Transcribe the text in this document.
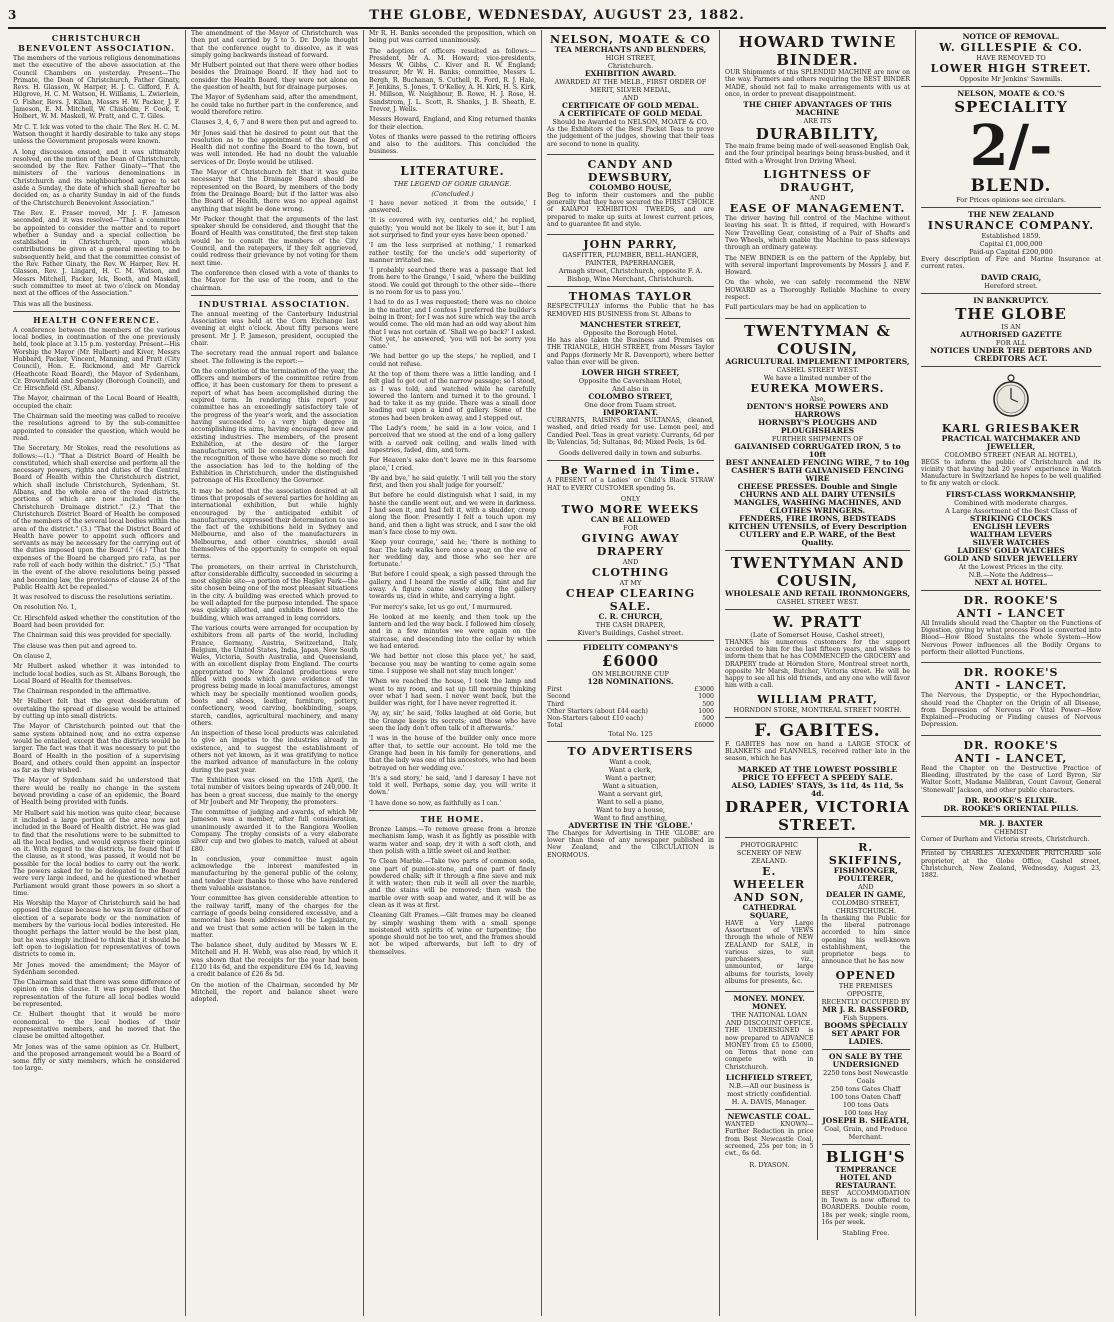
3	THE GLOBE, WEDNESDAY, AUGUST 23, 1882.
CHRISTCHURCH BENEVOLENT ASSOCIATION.

The members of the various religious denominations met the executive of the above association at the Council Chambers on yesterday. Present—The Primate, the Dean of Christchurch, Father Ginaty, Revs. H. Glasson, W. Harper, H. J. C. Gifford, F. A. Hilgrove, H. C. M. Watson, H. Williams, L. Zwierlein, O. Fisher, Revs. J. Kilian, Messrs H. W. Packer, J. F. Jameson, E. M. Mitchell, W. Chisholm, F. Cook, T. Holbert, W. M. Maskell, W. Pratt, and C. T. Giles.

Mr C. T. Ick was voted to the chair. The Rev. H. C. M. Watson thought it hardly desirable to take any steps unless the Government proposals were known.

A long discussion ensued, and it was ultimately resolved, on the motion of the Dean of Christchurch, seconded by the Rev. Father Ginaty—"That the ministers of the various denominations in Christchurch and its neighbourhood agree to set aside a Sunday, the date of which shall hereafter be decided on, as a charity Sunday in aid of the funds of the Christchurch Benevolent Association."

The Rev. E. Fraser moved, Mr J. F. Jameson seconded, and it was resolved—"That a committee be appointed to consider the matter and to report whether a Sunday and a special collection be established in Christchurch, upon which contributions be given at a general meeting to be subsequently held, and that the committee consist of the Rev. Father Ginaty, the Rev. W. Harper, Rev. H. Glasson, Rev. J. Lingard, H. C. M. Watson, and Messrs Mitchell, Packer, Ick, Booth, and Maskell, such committee to meet at two o'clock on Monday next at the offices of the Association."

This was all the business.

HEALTH CONFERENCE.

A conference between the members of the various local bodies, in continuation of the one previously held, took place at 3.15 p.m. yesterday. Present—His Worship the Mayor (Mr. Hulbert) and Kiver, Messrs Hubbard, Packer, Vincent, Manning, and Pratt (City Council), Hon. E. Rickmond, and Mr Garrick (Heathcote Road Board), the Mayor of Sydenham, Cr. Brownfield and Spensley (Borough Council), and Cr. Hirschfield (St. Albans).

The Mayor, chairman of the Local Board of Health, occupied the chair.

The Chairman said the meeting was called to receive the resolutions agreed to by the sub-committee appointed to consider the question, which would be read.

The Secretary, Mr Stokes, read the resolutions as follows:—(1.) "That a District Board of Health be constituted, which shall exercise and perform all the necessary powers, rights and duties of the Central Board of Health within the Christchurch district, which shall include Christchurch, Sydenham, St. Albans, and the whole area of the road districts, portions of which are now included in the Christchurch Drainage district." (2.) "That the Christchurch District Board of Health be composed of the members of the several local bodies within the area of the district." (3.) "That the District Board of Health have power to appoint such officers and servants as may be necessary for the carrying out of the duties imposed upon the Board." (4.) "That the expenses of the Board be charged pro rata, as per rate roll of each body within the district." (5.) "That in the event of the above resolutions being passed and becoming law, the provisions of clause 24 of the Public Health Act be repealed."

It was resolved to discuss the resolutions seriatim.

On resolution No. 1,

Cr. Hirschfeld asked whether the constitution of the Board had been provided for.

The Chairman said this was provided for specially.

The clause was then put and agreed to.

On clause 2,

Mr Hulbert asked whether it was intended to include local bodies, such as St. Albans Borough, the Local Board of Health for themselves.

The Chairman responded in the affirmative.

Mr Hulbert felt that the great desideratum of overtaking the spread of disease would be attained by cutting up into small districts.

The Mayor of Christchurch pointed out that the same system obtained now, and no extra expense would be entailed, except that the districts would be larger. The fact was that it was necessary to put the Board of Health in the position of a supervising Board, and others could then appoint an inspector as far as they wished.

The Mayor of Sydenham said he understood that there would be really no change in the system beyond providing a case of an epidemic, the Board of Health being provided with funds.

Mr Hulbert said his motion was quite clear, because it included a large portion of the area now not included in the Board of Health district. He was glad to find that the resolutions were to be submitted to all the local bodies, and would express their opinion on it. With regard to the districts, he found that if the clause, as it stood, was passed, it would not be possible for the local bodies to carry out the work. The powers asked for to be delegated to the Board were very large indeed, and he questioned whether Parliament would grant those powers in so short a time.

His Worship the Mayor of Christchurch said he had opposed the clause because he was in favor either of election of a separate body or the nomination of members by the various local bodies interested. He thought perhaps the latter would be the best plan, but he was simply inclined to think that it should be left open to legislation for representatives of town districts to come in.

Mr Jones moved the amendment; the Mayor of Sydenham seconded.

The Chairman said that there was some difference of opinion on this clause. It was proposed that the representation of the future all local bodies would be represented.

Cr. Hulbert thought that it would be more economical to the local bodies of their representative members, and he moved that the clause be omitted altogether.

Mr Jones was of the same opinion as Cr. Hulbert, and the proposed arrangement would be a Board of some fifty or sixty members, which he considered too large.

The amendment of the Mayor of Christchurch was then put and carried by 5 to 5. Dr. Doyle thought that the conference ought to dissolve, as it was simply going backwards instead of forward.

Mr Hulbert pointed out that there were other bodies besides the Drainage Board. If they had not to consider the Health Board, they were not alone on the question of health, but for drainage purposes.

The Mayor of Sydenham said, after the amendment, he could take no further part in the conference, and would therefore retire.

Clauses 3, 4, 6, 7 and 8 were then put and agreed to.

Mr Jones said that he desired to point out that the resolution as to the appointment of the Board of Health did not confine the Board to the town, but was well intended. He had no doubt the valuable services of Dr. Doyle would be utilised.

The Mayor of Christchurch felt that it was quite necessary that the Drainage Board should be represented on the Board, by members of the body from the Drainage Board; but if the latter was also the Board of Health, there was no appeal against anything that might be done wrong.

Mr Packer thought that the arguments of the last speaker should be considered, and thought that the Board of Health was constituted, the first step taken would be to consult the members of the City Council, and the ratepayers, if they felt aggrieved, could redress their grievance by not voting for them next time.

The conference then closed with a vote of thanks to the Mayor for the use of the room, and to the chairman.

INDUSTRIAL ASSOCIATION.

The annual meeting of the Canterbury Industrial Association was held at the Corn Exchange last evening at eight o'clock. About fifty persons were present. Mr J. P. Jameson, president, occupied the chair.

The secretary read the annual report and balance sheet. The following is the report:—

On the completion of the termination of the year, the officers and members of the committee retire from office, it has been customary for them to present a report of what has been accomplished during the expired term. In rendering this report your committee has an exceedingly satisfactory tale of the progress of the year's work, and the association having succeeded to a very high degree in accomplishing its aims, having encouraged new and existing industries. The members, of the present Exhibition, at the desire of the larger manufacturers, will be considerably cheered; and the recognition of those who have done so much for the association has led to the holding of the Exhibition in Christchurch, under the distinguished patronage of His Excellency the Governor.

It may be noted that the association desired at all times that proposals of several parties for holding an international exhibition, but while highly encouraged by the anticipated exhibit of manufacturers, expressed their determination to use the fact of the exhibitions held in Sydney and Melbourne, and also of the manufacturers in Melbourne, and other countries, should avail themselves of the opportunity to compete on equal terms.

The promoters, on their arrival in Christchurch, after considerable difficulty, succeeded in securing a most eligible site—a portion of the Hagley Park—the site chosen being one of the most pleasant situations in the city. A building was erected which proved to be well adapted for the purpose intended. The space was quickly allotted, and exhibits flowed into the building, which was arranged in long corridors.

The various courts were arranged for occupation by exhibitors from all parts of the world, including France, Germany, Austria, Switzerland, Italy, Belgium, the United States, India, Japan, New South Wales, Victoria, South Australia, and Queensland, with an excellent display from England. The courts appropriated to New Zealand productions were filled with goods which gave evidence of the progress being made in local manufactures, amongst which may be specially mentioned woollen goods, boots and shoes, leather, furniture, pottery, confectionery, wood carving, bookbinding, soaps, starch, candles, agricultural machinery, and many others.

An inspection of these local products was calculated to give an impetus to the industries already in existence, and to suggest the establishment of others not yet known, as it was gratifying to notice the marked advance of manufacture in the colony during the past year.

The Exhibition was closed on the 15th April, the total number of visitors being upwards of 240,000. It has been a great success, due mainly to the energy of Mr Joubert and Mr Twopeny, the promoters.

The committee of judging and awards, of which Mr Jameson was a member, after full consideration, unanimously awarded it to the Rangiora Woollen Company. The trophy consists of a very elaborate silver cup and two globes to match, valued at about £80.

In conclusion, your committee must again acknowledge the interest manifested in manufacturing by the general public of the colony, and tender their thanks to those who have rendered them valuable assistance.

Your committee has given considerable attention to the railway tariff, many of the charges for the carriage of goods being considered excessive, and a memorial has been addressed to the Legislature, and we trust that some action will be taken in the matter.

The balance sheet, duly audited by Messrs W. E. Mitchell and H. H. Webb, was also read, by which it was shown that the receipts for the year had been £120 14s 6d, and the expenditure £94 6s 1d, leaving a credit balance of £26 8s 5d.

On the motion of the Chairman, seconded by Mr Mitchell, the report and balance sheet were adopted.

Mr R. H. Banks seconded the proposition, which on being put was carried unanimously.

The adoption of officers resulted as follows:—President, Mr A. M. Howard; vice-presidents, Messrs W. Gibbs, C. Kiver and R. W. England; treasurer, Mr W. H. Banks; committee, Messrs L. Bergh, R. Buchanan, S. Cuthell, R. Ford, R. J. Hale, F. Jenkins, S. Jones, T. O'Kelley, A. H. Kirk, H. S. Kirk, H. Millson, W. Neighbour, B. Rowe, H. J. Rose, H. Sandstrom, J. L. Scott, R. Shanks, J. B. Sheath, E. Trevor, J. Wells.

Messrs Howard, England, and King returned thanks for their election.

Votes of thanks were passed to the retiring officers and also to the auditors. This concluded the business.

LITERATURE.
THE LEGEND OF GORIE GRANGE.
(Concluded.)

'I have never noticed it from the outside,' I answered.

'It is covered with ivy, centuries old,' he replied, quietly; 'you would not be likely to see it, but I am not surprised to find your eyes have been opened.'

'I am the less surprised at nothing,' I remarked rather testily, for the uncle's odd superiority of manner irritated me.

'I probably searched there was a passage that led from here to the Grange,' I said, 'where the building stood. We could get through to the other side—there is no room for us to pass you.'

I had to do as I was requested; there was no choice in the matter, and I confess I preferred the builder's being in front; for I was not sure which way the arch would come. The old man had an odd way about him that I was not certain of. 'Shall we go back?' I asked. 'Not yet,' he answered, 'you will not be sorry you came.'

'We had better go up the steps,' he replied, and I could not refuse.

At the top of them there was a little landing, and I felt glad to get out of the narrow passage; so I stood, as I was told, and watched while he carefully lowered the lantern and turned it to the ground. I had to take it as my guide. There was a small door leading out upon a kind of gallery. Some of the stones had been broken away, and I stepped out.

'The Lady's room,' he said in a low voice, and I perceived that we stood at the end of a long gallery with a carved oak ceiling, and walls lined with tapestries, faded, dim, and torn.

For Heaven's sake don't leave me in this fearsome place,' I cried.

'By and bye,' he said quietly. 'I will tell you the story first, and then you shall judge for yourself.'

But before he could distinguish what I said, in my haste the candle went out, and we were in darkness. I had seen it, and had felt it, with a shudder, creep along the floor. Presently I felt a touch upon my hand, and then a light was struck, and I saw the old man's face close to my own.

'Keep your courage,' said he; 'there is nothing to fear. The lady walks here once a year, on the eve of her wedding day, and those who see her are fortunate.'

'But before I could speak, a sigh passed through the gallery, and I heard the rustle of silk, faint and far away. A figure came slowly along the gallery towards us, clad in white, and carrying a light.

'For mercy's sake, let us go out,' I murmured.

He looked at me keenly, and then took up the lantern and led the way back. I followed him closely, and in a few minutes we were again on the staircase, and descending into the cellar by which we had entered.

'We had better not close this place yet,' he said, 'because you may be wanting to come again some time. I suppose we shall not stay much longer.'

When we reached the house, I took the lamp and went to my room, and sat up till morning thinking over what I had seen. I never went back, but the builder was right, for I have never regretted it.

'Ay, ay, sir,' he said, 'folks laughed at old Gorie, but the Grange keeps its secrets; and those who have seen the lady don't often talk of it afterwards.'

'I was in the house of the builder only once more after that, to settle our account. He told me the Grange had been in his family for generations, and that the lady was one of his ancestors, who had been betrayed on her wedding eve.'

'It's a sad story,' he said, 'and I daresay I have not told it well. Perhaps, some day, you will write it down.'

'I have done so now, as faithfully as I can.'

THE HOME.

Bronze Lamps.—To remove grease from a bronze mechanism lamp, wash it as lightly as possible with warm water and soap, dry it with a soft cloth, and then polish with a little sweet oil and leather.

To Clean Marble.—Take two parts of common soda, one part of pumice-stone, and one part of finely powdered chalk; sift it through a fine sieve and mix it with water; then rub it well all over the marble, and the stains will be removed; then wash the marble over with soap and water, and it will be as clean as it was at first.

Cleaning Gilt Frames.—Gilt frames may be cleaned by simply washing them with a small sponge moistened with spirits of wine or turpentine; the sponge should not be too wet, and the frames should not be wiped afterwards, but left to dry of themselves.

NELSON, MOATE & CO
TEA MERCHANTS AND BLENDERS,
HIGH STREET,
Christchurch.
EXHIBITION AWARD.
AWARDED AT THE MELB., FIRST ORDER OF MERIT, SILVER MEDAL,
AND
CERTIFICATE OF GOLD MEDAL.
A CERTIFICATE OF GOLD MEDAL
Should be Awarded to NELSON, MOATE & CO.

As the Exhibitors of the Best Packet Teas to prove the judgement of the judges, showing that their teas are second to none in quality.

CANDY AND DEWSBURY,
COLOMBO HOUSE,

Beg to inform their customers and the public generally that they have secured the FIRST CHOICE of KAIAPOI EXHIBITION TWEEDS, and are prepared to make up suits at lowest current prices, and to guarantee fit and style.

JOHN PARRY,
GASFITTER, PLUMBER, BELL-HANGER, PAINTER, PAPERHANGER,
Armagh street, Christchurch, opposite F. A. Bishop, Wine Merchant, Christchurch.
THOMAS TAYLOR

RESPECTFULLY informs the Public that he has REMOVED HIS BUSINESS from St. Albans to

MANCHESTER STREET,
Opposite the Borough Hotel.

He has also taken the Business and Premises on THE TRIANGLE, HIGH STREET, from Messrs Taylor and Papps (formerly Mr R. Davenport), where better value than ever will be given.

LOWER HIGH STREET,
Opposite the Caversham Hotel,
And also in
COLOMBO STREET,
One door from Tuam street.
IMPORTANT.

CURRANTS, RAISINS and SULTANAS, cleaned, washed, and dried ready for use. Lemon peel, and Candied Peel. Teas in great variety. Currants, 6d per lb; Valencias, 5d; Sultanas, 8d; Mixed Peels, 1s 6d.

Goods delivered daily in town and suburbs.
Be Warned in Time.

A PRESENT of a Ladies' or Child's Black STRAW HAT to EVERY CUSTOMER spending 5s.

ONLY
TWO MORE WEEKS
CAN BE ALLOWED
FOR
GIVING AWAY
DRAPERY
AND
CLOTHING
AT MY
CHEAP CLEARING
SALE.
C. R. CHURCH,
THE CASH DRAPER,
Kiver's Buildings, Cashel street.
FIDELITY COMPANY'S
£6000
ON MELBOURNE CUP
128 NOMINATIONS.
First	£3000
Second	1000
Third	500
Other Starters (about £44 each)	1000
Non-Starters (about £10 each)	500
Total	£6000
Total No. 125
TO ADVERTISERS
Want a cook,
Want a clerk,
Want a partner,
Want a situation,
Want a servant girl,
Want to sell a piano,
Want to buy a house,
Want to find anything,
ADVERTISE IN THE 'GLOBE.'

The Charges for Advertising in THE 'GLOBE' are lower than those of any newspaper published in New Zealand, and the CIRCULATION is ENORMOUS.

HOWARD TWINE BINDER.

OUR Shipments of this SPLENDID MACHINE are now on the way. Farmers and others requiring the BEST BINDER MADE, should not fail to make arrangements with us at once, in order to prevent disappointment.

THE CHIEF ADVANTAGES OF THIS MACHINE
ARE ITS
DURABILITY,

The main frame being made of well-seasoned English Oak, and the four principal bearings being brass-bushed, and it fitted with a Wrought Iron Driving Wheel.

LIGHTNESS OF DRAUGHT,
AND
EASE OF MANAGEMENT.

The driver having full control of the Machine without leaving his seat. It is fitted, if required, with Howard's New Travelling Gear, consisting of a Pair of Shafts and Two Wheels, which enable the Machine to pass sideways through an ordinary gateway.

The NEW BINDER is on the pattern of the Appleby, but with several important Improvements by Messrs J. and F. Howard.

On the whole, we can safely recommend the NEW HOWARD as a Thoroughly Reliable Machine to every respect.

Full particulars may be had on application to

TWENTYMAN & COUSIN,
AGRICULTURAL IMPLEMENT IMPORTERS,
CASHEL STREET WEST.
We have a limited number of the
EUREKA MOWERS.
Also,
DENTON'S HORSE POWERS AND HARROWS
HORNSBY'S PLOUGHS AND PLOUGHSHARES
FURTHER SHIPMENTS OF
GALVANISED CORRUGATED IRON, 5 to 10ft
BEST ANNEALED FENCING WIRE, 7 to 10g
CASHER'S BATH GALVANISED FENCING WIRE
CHEESE PRESSES. Double and Single
CHURNS AND ALL DAIRY UTENSILS
MANGLES, WASHING MACHINES, AND CLOTHES WRINGERS.
FENDERS, FIRE IRONS, BEDSTEADS
KITCHEN UTENSILS, of Every Description
CUTLERY and E.P. WARE, of the Best Quality.
TWENTYMAN AND COUSIN,
WHOLESALE AND RETAIL IRONMONGERS,
CASHEL STREET WEST.
W. PRATT
(Late of Somerset House, Cashel street),

THANKS his numerous customers for the support accorded to him for the last fifteen years, and wishes to inform them that he has COMMENCED the GROCERY and DRAPERY trade at Horndon Store, Montreal street north, opposite Mr Marsh, Butcher, Victoria street. He will be happy to see all his old friends, and any one who will favor him with a call.

WILLIAM PRATT,
HORNDON STORE, MONTREAL STREET NORTH.
F. GABITES.

F. GABITES has now on hand a LARGE STOCK of BLANKETS and FLANNELS, received rather late in the season, which he has

MARKED AT THE LOWEST POSSIBLE PRICE TO EFFECT A SPEEDY SALE.
ALSO, LADIES' STAYS, 3s 11d, 4s 11d, 5s 4d.
DRAPER, VICTORIA STREET.
PHOTOGRAPHIC SCENERY OF NEW ZEALAND.
E. WHEELER AND SON,
CATHEDRAL SQUARE,

HAVE a Very Large Assortment of VIEWS through the whole of NEW ZEALAND for SALE, in various sizes, to suit purchasers, viz., unmounted, or large albums for tourists, lovely albums for presents, &c.

MONEY. MONEY. MONEY.
THE NATIONAL LOAN AND DISCOUNT OFFICE.

THE UNDERSIGNED is now prepared to ADVANCE MONEY from £5 to £5000, on Terms that none can compete with in Christchurch.

LICHFIELD STREET,
N.B.—All our business is most strictly confidential.
H. A. DAVIS, Manager.
NEWCASTLE COAL.

WANTED KNOWN—Further Reduction in price from Best Newcastle Coal, screened, 25s per ton; in 5 cwt., 6s 6d.

R. DYASON.
R. SKIFFINS,
FISHMONGER, POULTERER,
AND
DEALER IN GAME,
COLOMBO STREET, CHRISTCHURCH.

In thanking the Public for the liberal patronage accorded to him since opening his well-known establishment, the proprietor begs to announce that he has now

OPENED
THE PREMISES OPPOSITE,
RECENTLY OCCUPIED BY
MR J. R. BASSFORD,
Fish Suppers.
BOOMS SPECIALLY SET APART FOR LADIES.
ON SALE BY THE UNDERSIGNED
2250 tons best Newcastle Coals
250 tons Gates Chaff
100 tons Oaten Chaff
100 tons Oats
100 tons Hay
JOSEPH B. SHEATH,
Coal, Grain, and Produce Merchant.
BLIGH'S
TEMPERANCE HOTEL AND RESTAURANT.

BEST ACCOMMODATION in Town is now offered to BOARDERS. Double room, 18s per week; single room, 16s per week.

Stabling Free.
NOTICE OF REMOVAL.
W. GILLESPIE & CO.
HAVE REMOVED TO
LOWER HIGH STREET.
Opposite Mr Jenkins' Sawmills.
NELSON, MOATE & CO.'S
SPECIALITY
2/-
BLEND.
For Prices opinions see circulars.
THE NEW ZEALAND
INSURANCE COMPANY.
Established 1859.
Capital £1,000,000
Paid-up Capital £200,000

Every description of Fire and Marine Insurance at current rates.

DAVID CRAIG,
Hereford street.
IN BANKRUPTCY.
THE GLOBE
IS AN
AUTHORISED GAZETTE
FOR ALL
NOTICES UNDER THE DEBTORS AND CREDITORS ACT.
KARL GRIESBAKER
PRACTICAL WATCHMAKER AND JEWELLER,
COLOMBO STREET (NEAR AL HOTEL),

BEGS to inform the public of Christchurch and its vicinity that having had 20 years' experience in Watch Manufacture in Switzerland he hopes to be well qualified to fix any watch or clock.

FIRST-CLASS WORKMANSHIP,
Combined with moderate charges.
A Large Assortment of the Best Class of
STRIKING CLOCKS
ENGLISH LEVERS
WALTHAM LEVERS
SILVER WATCHES
LADIES' GOLD WATCHES
GOLD AND SILVER JEWELLERY
At the Lowest Prices in the city.
N.B.—Note the Address—
NEXT AL HOTEL.
DR. ROOKE'S
ANTI - LANCET

All Invalids should read the Chapter on the Functions of Digestion, giving by what process Food is converted into Blood—How Blood Sustains the whole System—How Nervous Power influences all the Bodily Organs to perform their allotted Functions.

DR. ROOKE'S
ANTI - LANCET.

The Nervous, the Dyspeptic, or the Hypochondriac, should read the Chapter on the Origin of all Disease, from Depression of Nervous or Vital Power—How Explained—Producing or Finding causes of Nervous Depression.

DR. ROOKE'S
ANTI - LANCET,

Read the Chapter on the Destructive Practice of Bleeding, illustrated by the case of Lord Byron, Sir Walter Scott, Madame Malibran, Count Cavour, General 'Stonewall' Jackson, and other public characters.

DR. ROOKE'S ELIXIR.
DR. ROOKE'S ORIENTAL PILLS.
MR. J. BAXTER
CHEMIST

Corner of Durham and Victoria streets, Christchurch.

Printed by CHARLES ALEXANDER PRITCHARD sole proprietor, at the Globe Office, Cashel street, Christchurch, New Zealand, Wednesday, August 23, 1882.
